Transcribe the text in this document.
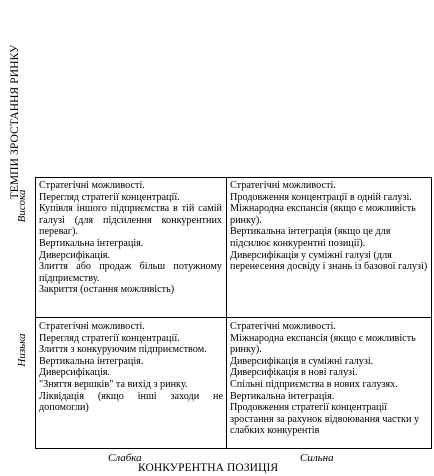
ТЕМПИ ЗРОСТАННЯ РИНКУ
Висока
Низька
Стратегічні можливості.
Перегляд стратегії концентрації.
Купівля іншого підприємства в тій самій галузі (для підсилення конкурентних переваг).
Вертикальна інтеграція.
Диверсифікація.
Злиття або продаж більш потужному підприємству.
Закриття (остання можливість)
Стратегічні можливості.
Продовження концентрації в одній галузі.
Міжнародна експансія (якщо є можливість ринку).
Вертикальна інтеграція (якщо це для підсилює конкурентні позиції).
Диверсифікація у суміжні галузі (для перенесення досвіду і знань із базової галузі)
Стратегічні можливості.
Перегляд стратегії концентрації.
Злиття з конкуруючим підприємством.
Вертикальна інтеграція.
Диверсифікація.
"Зняття вершків" та вихід з ринку.
Ліквідація (якщо інші заходи не допомогли)
Стратегічні можливості.
Міжнародна експансія (якщо є можливість ринку).
Диверсифікація в суміжні галузі.
Диверсифікація в нові галузі.
Спільні підприємства в нових галузях.
Вертикальна інтеграція.
Продовження стратегії концентрації зростання за рахунок відвоювання частки у слабких конкурентів
Слабка	Сильна
КОНКУРЕНТНА ПОЗИЦІЯ
